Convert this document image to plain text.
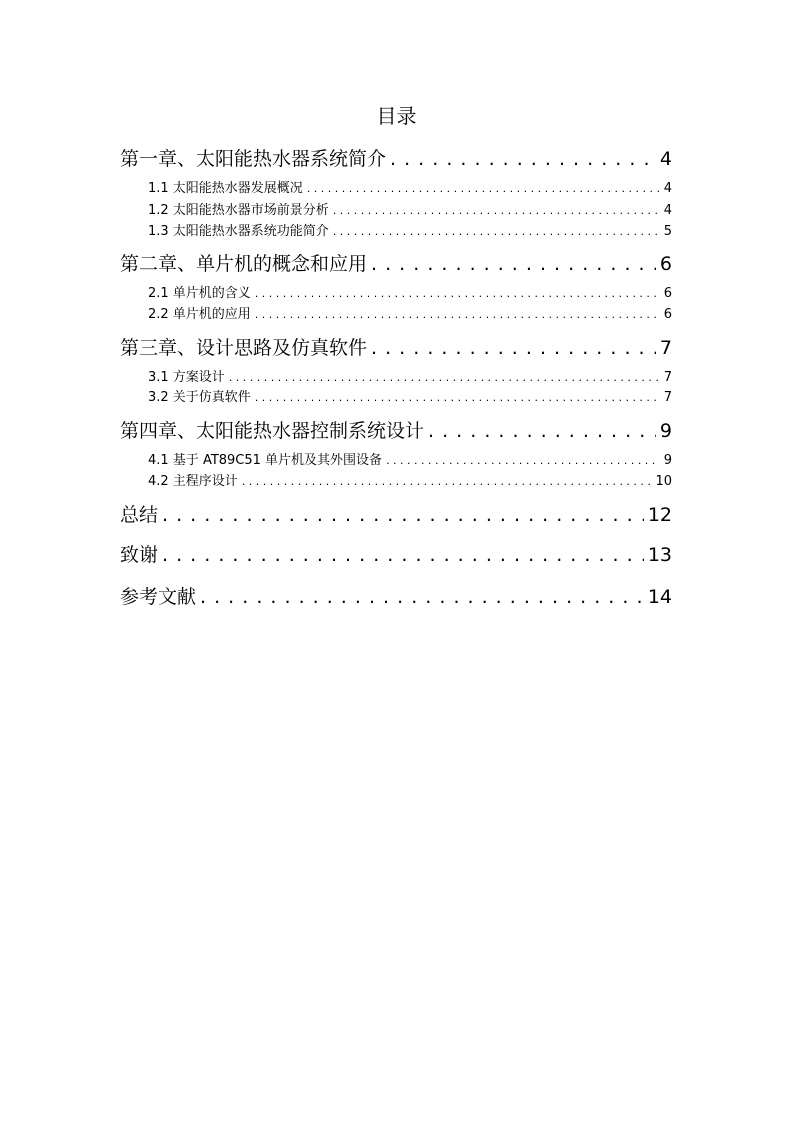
目录
第一章、太阳能热水器系统简介 . . .	4
1.1 太阳能热水器发展概况 . . .	4
1.2 太阳能热水器市场前景分析 . . .	4
1.3 太阳能热水器系统功能简介 . . .	5
第二章、单片机的概念和应用 . . .	6
2.1 单片机的含义 . . .	6
2.2 单片机的应用 . . .	6
第三章、设计思路及仿真软件 . . .	7
3.1 方案设计 . . .	7
3.2 关于仿真软件 . . .	7
第四章、太阳能热水器控制系统设计 . . .	9
4.1 基于 AT89C51 单片机及其外围设备 . . .	9
4.2 主程序设计 . . .	10
总结 . . .	12
致谢 . . .	13
参考文献 . . .	14
